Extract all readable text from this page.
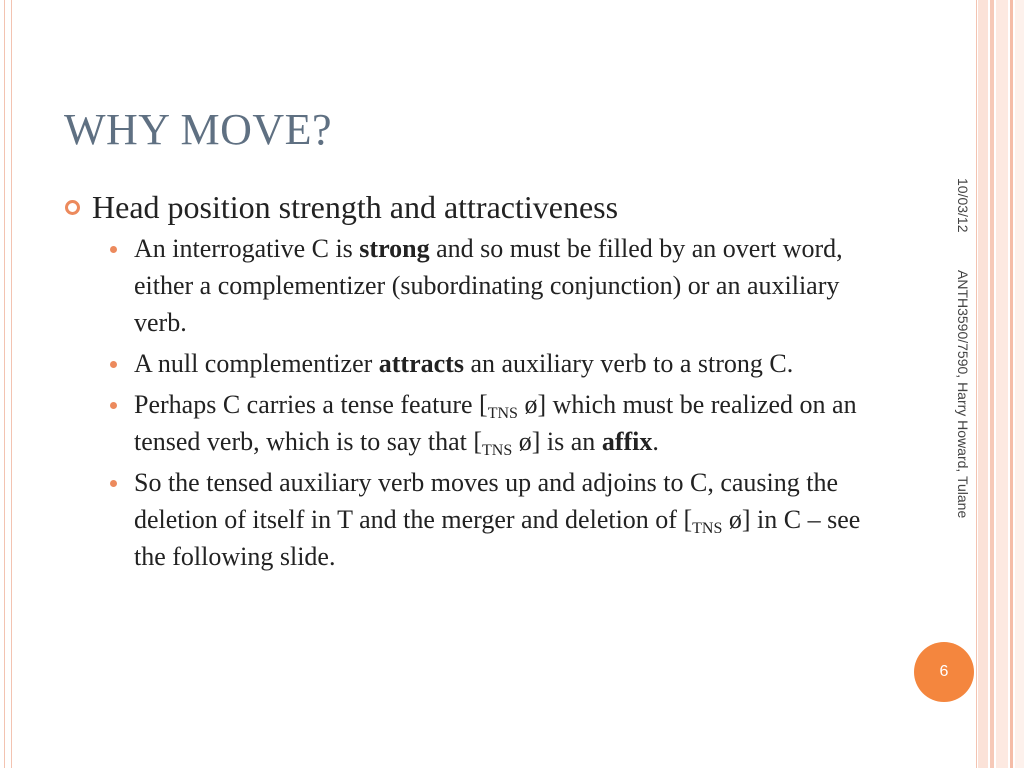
WHY MOVE?
Head position strength and attractiveness
An interrogative C is strong and so must be filled by an overt word, either a complementizer (subordinating conjunction) or an auxiliary verb.
A null complementizer attracts an auxiliary verb to a strong C.
Perhaps C carries a tense feature [$_{TNS}$ ø] which must be realized on an tensed verb, which is to say that [$_{TNS}$ ø] is an affix.
So the tensed auxiliary verb moves up and adjoins to C, causing the deletion of itself in T and the merger and deletion of [$_{TNS}$ ø] in C – see the following slide.
10/03/12
ANTH3590/7590, Harry Howard, Tulane
6
